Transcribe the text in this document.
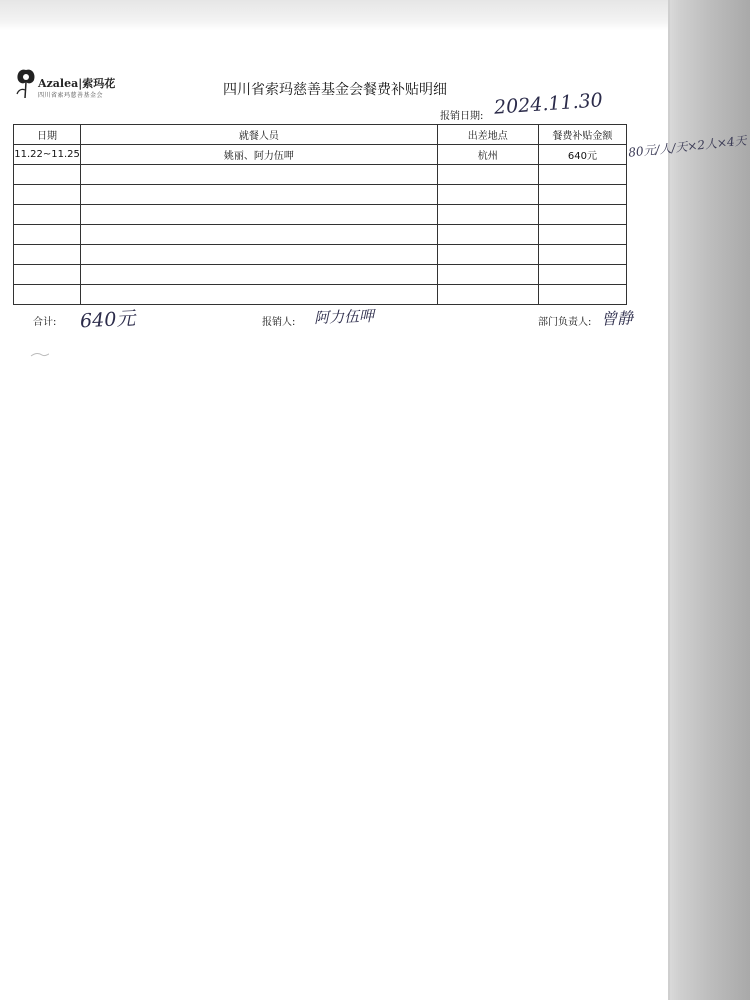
Azalea|索玛花
四川省索玛慈善基金会	四川省索玛慈善基金会餐费补贴明细
报销日期: 2024.11.30
日期	就餐人员	出差地点	餐费补贴金额
11.22~11.25	姚丽、阿力伍呷	杭州	640元

				80元/人/天×2人×4天
合计: 640元	报销人: 阿力伍呷	部门负责人: 曾静
